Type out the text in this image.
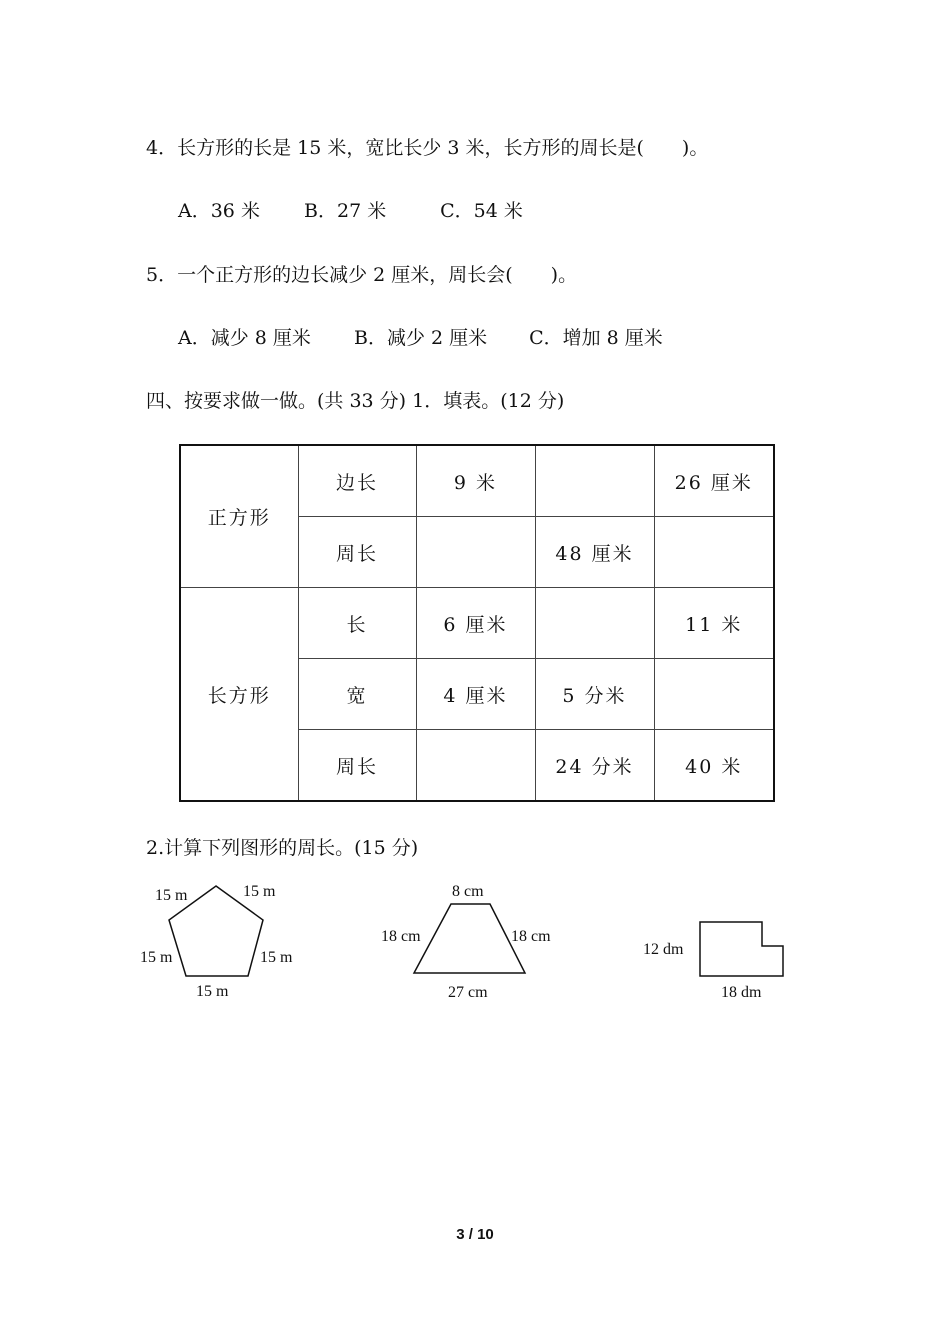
4．长方形的长是 15 米，宽比长少 3 米，长方形的周长是(　　)。
A．36 米 B．27 米	C．54 米
5．一个正方形的边长减少 2 厘米，周长会(　　)。
A．减少 8 厘米 B．减少 2 厘米 C．增加 8 厘米
四、按要求做一做。(共 33 分) 1．填表。(12 分)
正方形	边长	9 米		26 厘米
	周长		48 厘米	
长方形	长	6 厘米		11 米
	宽	4 厘米	5 分米	
	周长		24 分米	40 米
2.计算下列图形的周长。(15 分)
15 m	15 m
15 m	15 m
15 m
8 cm
18 cm	18 cm
27 cm
12 dm
18 dm
3 / 10
